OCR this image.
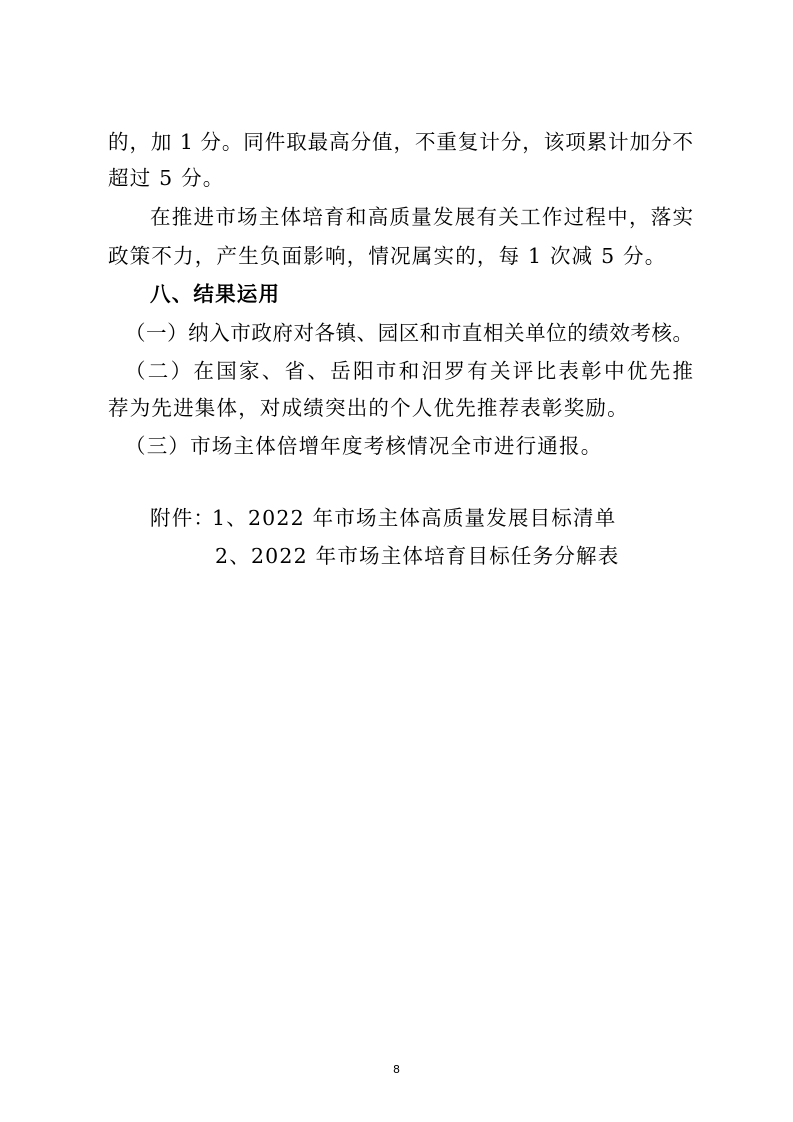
的，加 1 分。同件取最高分值，不重复计分，该项累计加分不
超过 5 分。
在推进市场主体培育和高质量发展有关工作过程中，落实
政策不力，产生负面影响，情况属实的，每 1 次减 5 分。
八、结果运用
（一）纳入市政府对各镇、园区和市直相关单位的绩效考核。
（二）在国家、省、岳阳市和汨罗有关评比表彰中优先推
荐为先进集体，对成绩突出的个人优先推荐表彰奖励。
（三）市场主体倍增年度考核情况全市进行通报。
附件：
1、2022 年市场主体高质量发展目标清单
2、2022 年市场主体培育目标任务分解表
8
